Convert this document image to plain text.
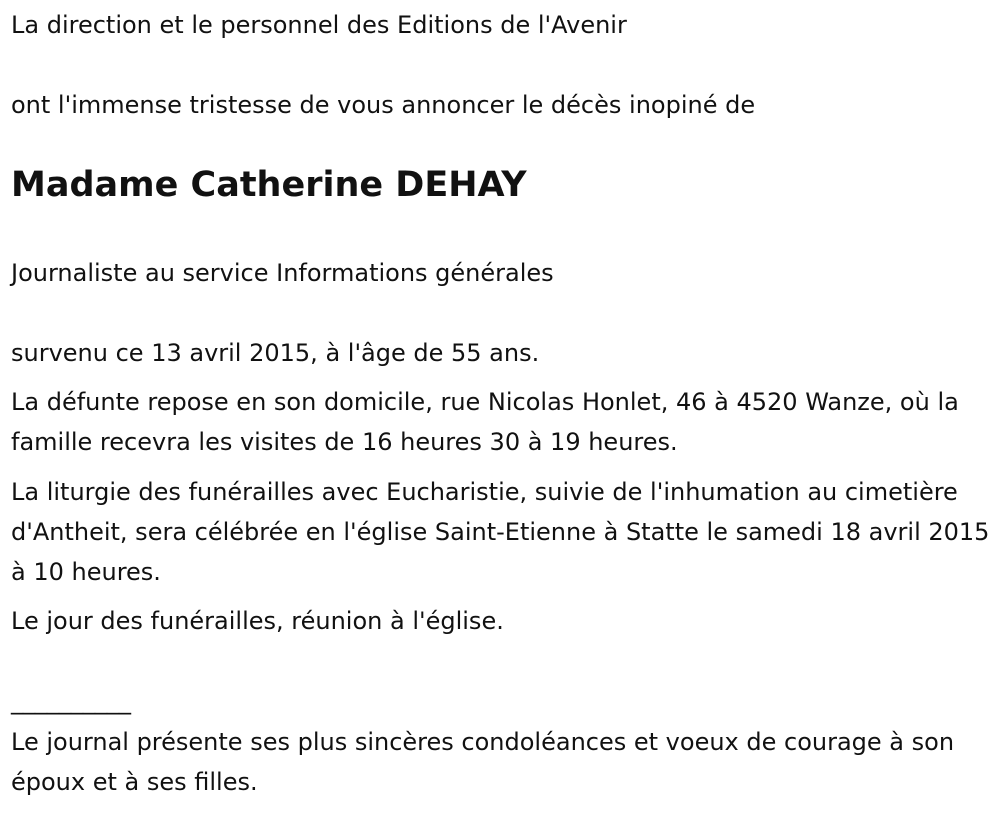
La direction et le personnel des Editions de l'Avenir

ont l'immense tristesse de vous annoncer le décès inopiné de

Madame Catherine DEHAY

Journaliste au service Informations générales

survenu ce 13 avril 2015, à l'âge de 55 ans.

La défunte repose en son domicile, rue Nicolas Honlet, 46 à 4520 Wanze, où la famille recevra les visites de 16 heures 30 à 19 heures.

La liturgie des funérailles avec Eucharistie, suivie de l'inhumation au cimetière d'Antheit, sera célébrée en l'église Saint-Etienne à Statte le samedi 18 avril 2015 à 10 heures.

Le jour des funérailles, réunion à l'église.

__________

Le journal présente ses plus sincères condoléances et voeux de courage à son époux et à ses filles.
